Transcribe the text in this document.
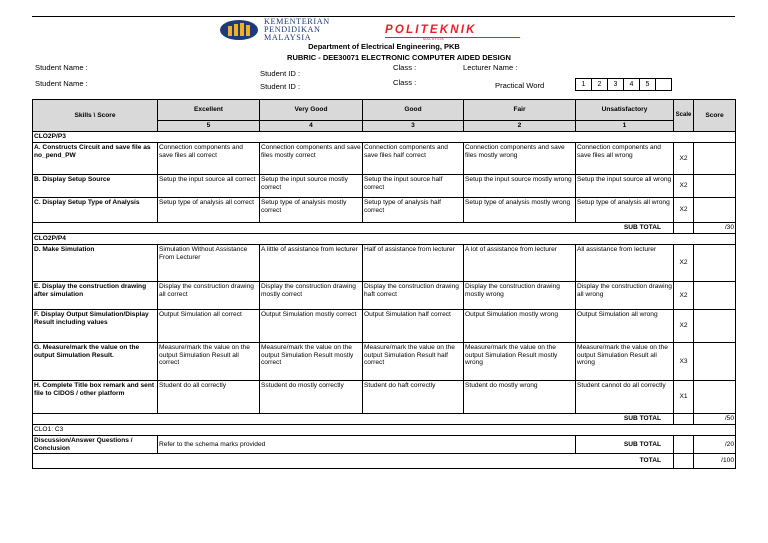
KEMENTERIAN
PENDIDIKAN
MALAYSIA
POLITEKNIK
MALAYSIA
Department of Electrical Engineering, PKB
RUBRIC - DEE30071 ELECTRONIC COMPUTER AIDED DESIGN
Student Name :
Student Name :
Student ID :
Student ID :
Class :
Class :
Lecturer Name :
Practical Word	1	2	3	4	5	
Skills \ Score	Excellent	Very Good	Good	Fair	Unsatisfactory	Scale	Score
	5	4	3	2	1		
CLO2P/P3							
A. Constructs Circuit and save file as no_pend_PW	Connection components and save files all correct	Connection components and save files mostly correct	Connection components and save files half correct	Connection components and save files mostly wrong	Connection components and save files all wrong	X2	
B. Display Setup Source	Setup the input source all correct	Setup the input source mostly correct	Setup the input source half correct	Setup the input source mostly wrong	Setup the input source all wrong	X2	
C. Display Setup Type of Analysis	Setup type of analysis all correct	Setup type of analysis mostly correct	Setup type of analysis half correct	Setup type of analysis mostly wrong	Setup type of analysis all wrong	X2	
SUB TOTAL							/30
CLO2P/P4							
D. Make Simulation	Simulation Without Assistance From Lecturer	A little of assistance from lecturer	Half of assistance from lecturer	A lot of assistance from lecturer	All assistance from lecturer	X2	
E. Display the construction drawing after simulation	Display the construction drawing all correct	Display the construction drawing mostly correct	Display the construction drawing haft correct	Display the construction drawing mostly wrong	Display the construction drawing all wrong	X2	
F. Display Output Simulation/Display Result including values	Output Simulation all correct	Output Simulation mostly correct	Output Simulation half correct	Output Simulation mostly wrong	Output Simulation all wrong	X2	
G. Measure/mark the value on the output Simulation Result.	Measure/mark the value on the output Simulation Result all correct	Measure/mark the value on the output Simulation Result mostly correct	Measure/mark the value on the output Simulation Result half correct	Measure/mark the value on the output Simulation Result mostly wrong	Measure/mark the value on the output Simulation Result all wrong	X3	
H. Complete Title box remark and sent file to CIDOS / other platform	Student do all correctly	Sstudent do mostly correctly	Student do haft correctly	Student do mostly wrong	Student cannot do all correctly	X1	
SUB TOTAL							/50
CLO1: C3							
Discussion/Answer Questions / Conclusion	Refer to the schema marks provided				SUB TOTAL		/20
TOTAL							/100
